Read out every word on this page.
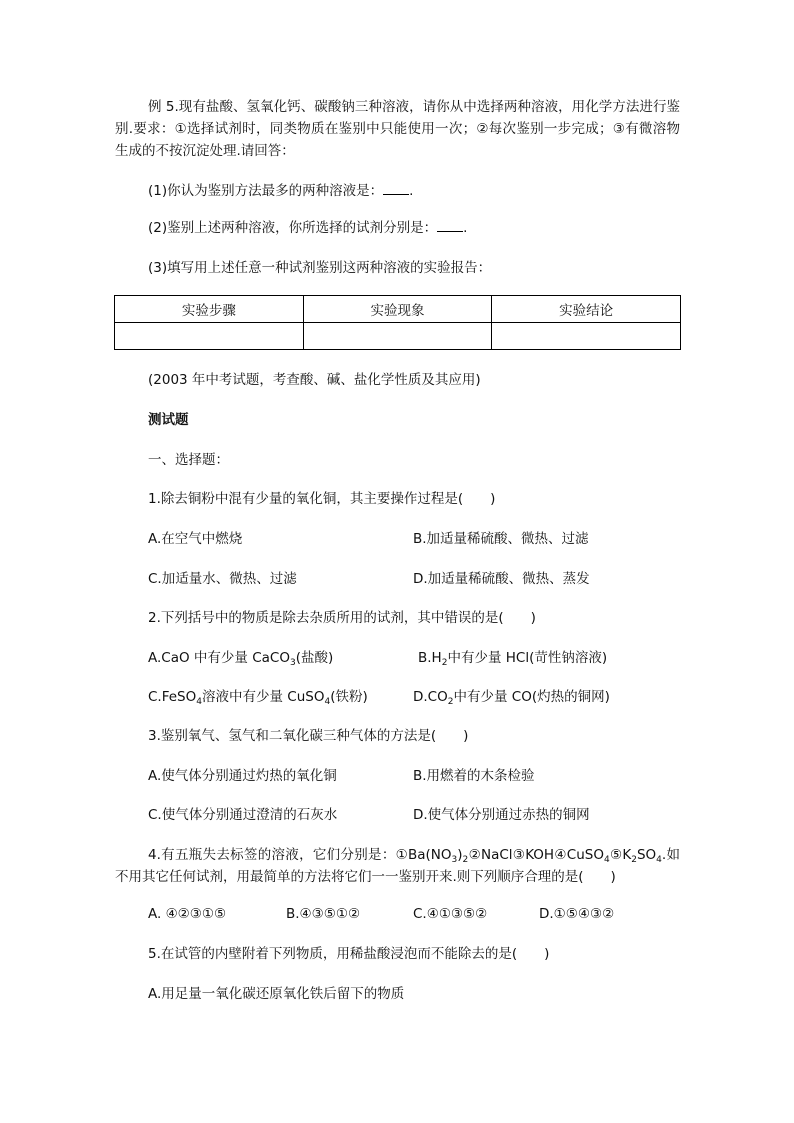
例 5.现有盐酸、氢氧化钙、碳酸钠三种溶液，请你从中选择两种溶液，用化学方法进行鉴别.要求：①选择试剂时，同类物质在鉴别中只能使用一次；②每次鉴别一步完成；③有微溶物生成的不按沉淀处理.请回答：
(1)你认为鉴别方法最多的两种溶液是： .
(2)鉴别上述两种溶液，你所选择的试剂分别是： .
(3)填写用上述任意一种试剂鉴别这两种溶液的实验报告：
实验步骤	实验现象	实验结论

(2003 年中考试题，考查酸、碱、盐化学性质及其应用)
测试题
一、选择题：
1.除去铜粉中混有少量的氧化铜，其主要操作过程是(　　)
A.在空气中燃烧	B.加适量稀硫酸、微热、过滤
C.加适量水、微热、过滤	D.加适量稀硫酸、微热、蒸发
2.下列括号中的物质是除去杂质所用的试剂，其中错误的是(　　)
A.CaO 中有少量 CaCO$_3$(盐酸)	$B.H_2$中有少量 HCl(苛性钠溶液)
C.FeSO$_4$溶液中有少量 CuSO$_4$(铁粉)	$D.CO_2$中有少量 CO(灼热的铜网)
3.鉴别氧气、氢气和二氧化碳三种气体的方法是(　　)
A.使气体分别通过灼热的氧化铜	B.用燃着的木条检验
C.使气体分别通过澄清的石灰水	D.使气体分别通过赤热的铜网
4.有五瓶失去标签的溶液，它们分别是：$①Ba(NO_3)_2②NaCl③KOH④CuSO_4⑤K_2SO_4$.如不用其它任何试剂，用最简单的方法将它们一一鉴别开来.则下列顺序合理的是(　　)
A. ④②③①⑤	B.④③⑤①②	C.④①③⑤②	D.①⑤④③②
5.在试管的内壁附着下列物质，用稀盐酸浸泡而不能除去的是(　　)
A.用足量一氧化碳还原氧化铁后留下的物质
